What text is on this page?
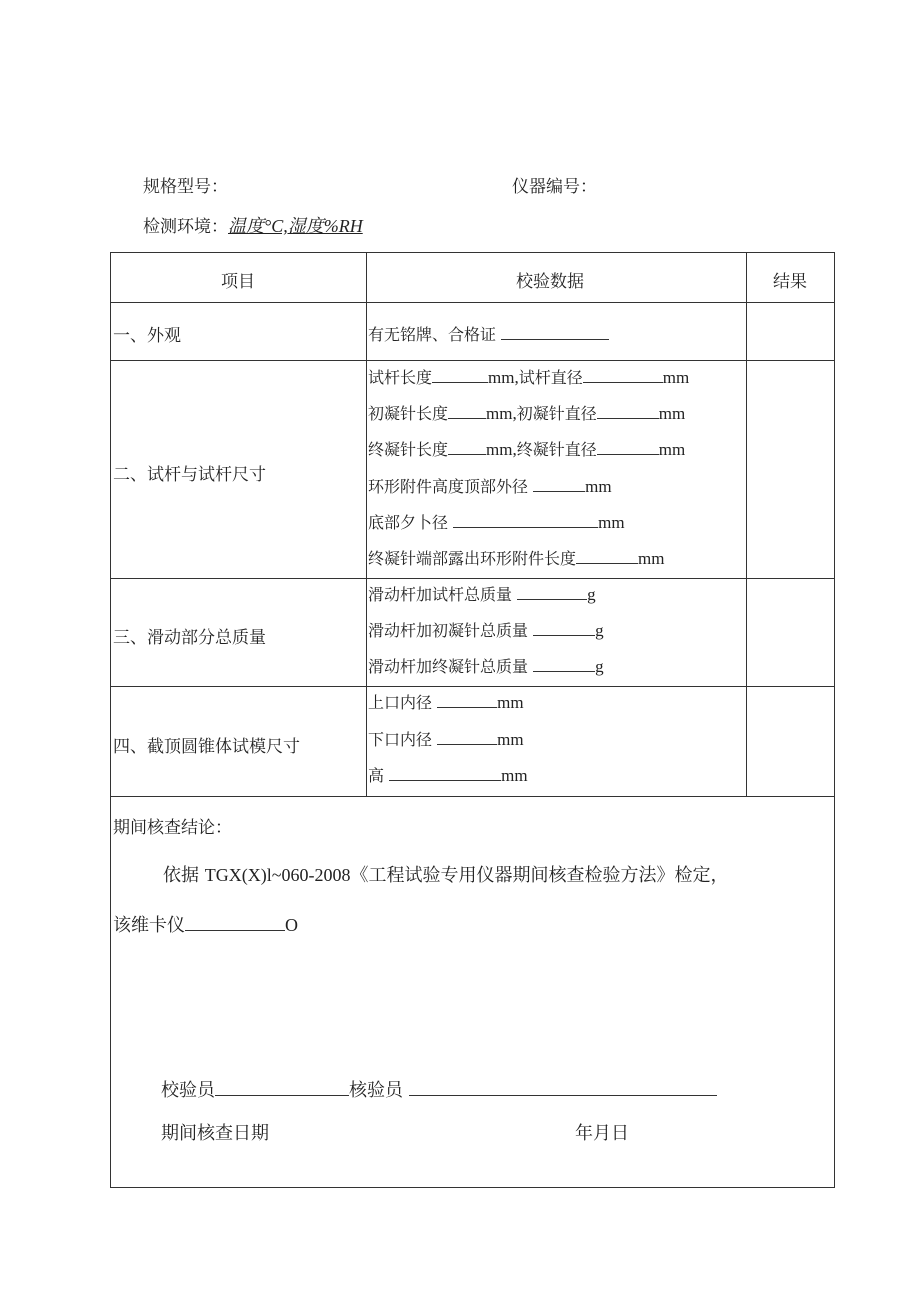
规格型号：	仪器编号：
检测环境：温度°C,湿度%RH
项目	校验数据	结果
一、外观	有无铭牌、合格证
二、试杆与试杆尺寸
试杆长度	mm,试杆直径	mm
初凝针长度 mm,初凝针直径	mm
终凝针长度 mm,终凝针直径	mm
环形附件高度顶部外径	mm
底部夕卜径	mm
终凝针端部露出环形附件长度	mm
三、滑动部分总质量
滑动杆加试杆总质量	g
滑动杆加初凝针总质量	g
滑动杆加终凝针总质量	g
四、截顶圆锥体试模尺寸
上口内径	mm
下口内径	mm
高	mm
期间核查结论：
依据 TGX(X)l~060-2008《工程试验专用仪器期间核查检验方法》检定，
该维卡仪	O
校验员	核验员
期间核查日期	年月日
